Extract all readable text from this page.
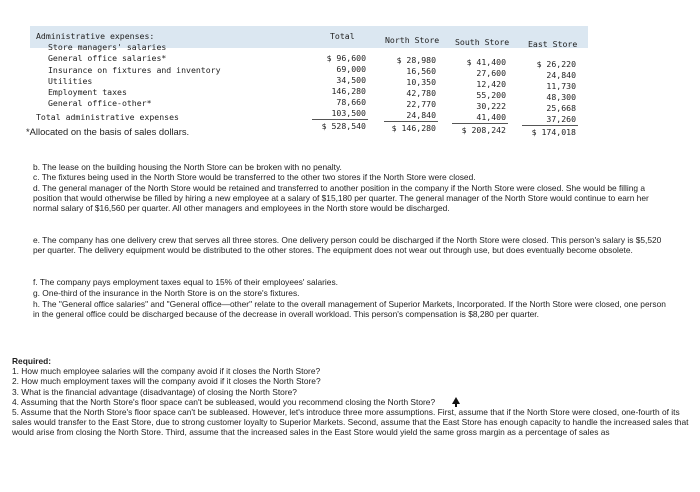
Total	North Store South Store East Store
Administrative expenses:
Store managers' salaries
General office salaries*
Insurance on fixtures and inventory
Utilities
Employment taxes
General office-other*
Total administrative expenses
$ 96,600
69,000
34,500
146,280
78,660
103,500
$ 528,540
$ 28,980
16,560
10,350
42,780
22,770
24,840
$ 146,280
$ 41,400
27,600
12,420
55,200
30,222
41,400
$ 208,242
$ 26,220
24,840
11,730
48,300
25,668
37,260
$ 174,018
*Allocated on the basis of sales dollars.

b. The lease on the building housing the North Store can be broken with no penalty.

c. The fixtures being used in the North Store would be transferred to the other two stores if the North Store were closed.

d. The general manager of the North Store would be retained and transferred to another position in the company if the North Store were closed. She would be filling a position that would otherwise be filled by hiring a new employee at a salary of $15,180 per quarter. The general manager of the North Store would continue to earn her normal salary of $16,560 per quarter. All other managers and employees in the North store would be discharged.

e. The company has one delivery crew that serves all three stores. One delivery person could be discharged if the North Store were closed. This person's salary is $5,520 per quarter. The delivery equipment would be distributed to the other stores. The equipment does not wear out through use, but does eventually become obsolete.

f. The company pays employment taxes equal to 15% of their employees' salaries.

g. One-third of the insurance in the North Store is on the store's fixtures.

h. The "General office salaries" and "General office—other" relate to the overall management of Superior Markets, Incorporated. If the North Store were closed, one person in the general office could be discharged because of the decrease in overall workload. This person's compensation is $8,280 per quarter.

Required:
1. How much employee salaries will the company avoid if it closes the North Store?
2. How much employment taxes will the company avoid if it closes the North Store?
3. What is the financial advantage (disadvantage) of closing the North Store?
4. Assuming that the North Store's floor space can't be subleased, would you recommend closing the North Store?
5. Assume that the North Store's floor space can't be subleased. However, let's introduce three more assumptions. First, assume that if the North Store were closed, one-fourth of its sales would transfer to the East Store, due to strong customer loyalty to Superior Markets. Second, assume that the East Store has enough capacity to handle the increased sales that would arise from closing the North Store. Third, assume that the increased sales in the East Store would yield the same gross margin as a percentage of sales as
